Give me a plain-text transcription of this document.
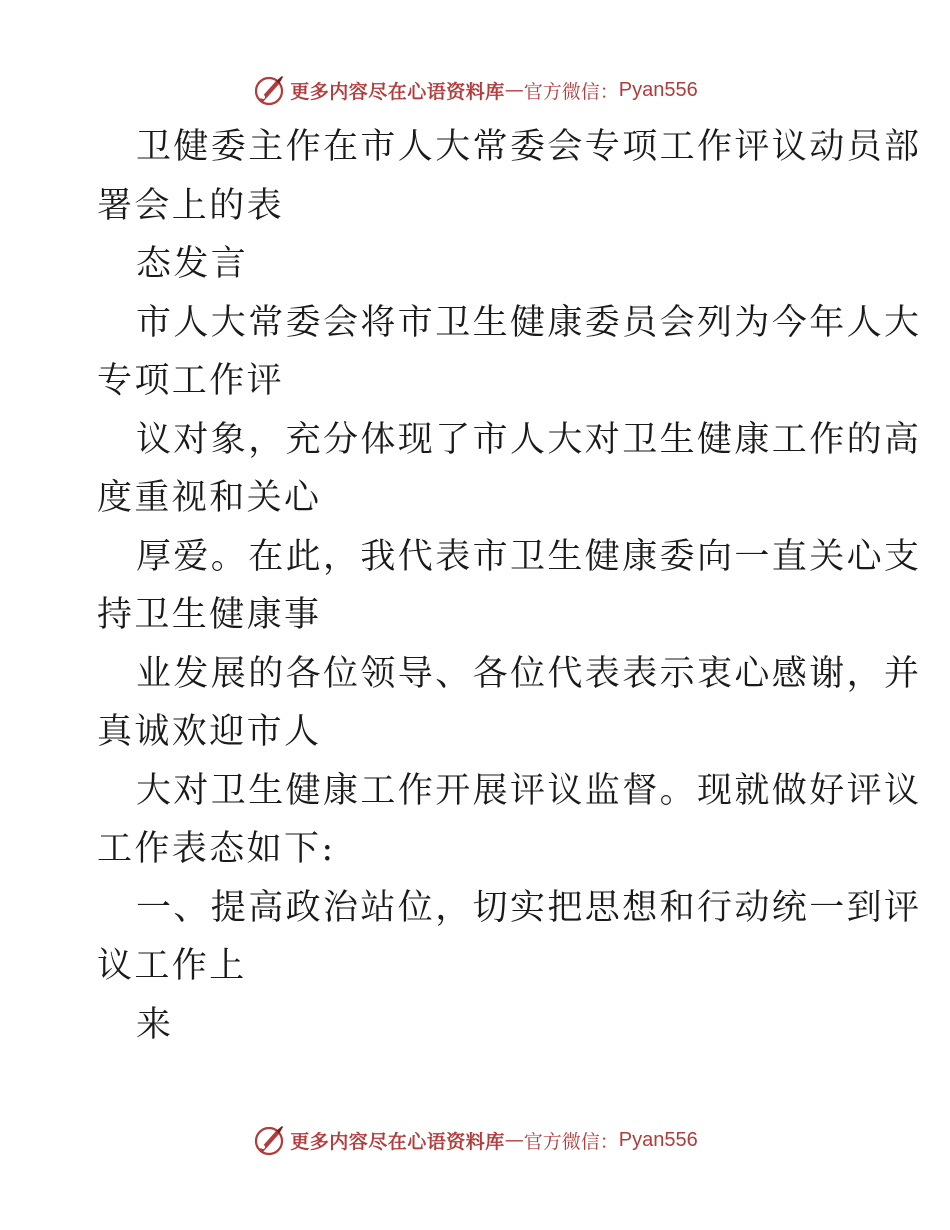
更多内容尽在心语资料库 — 官方微信： Pyan556
卫健委主作在市人大常委会专项工作评议动员部
署会上的表
态发言
市人大常委会将市卫生健康委员会列为今年人大
专项工作评
议对象，充分体现了市人大对卫生健康工作的高
度重视和关心
厚爱。在此，我代表市卫生健康委向一直关心支
持卫生健康事
业发展的各位领导、各位代表表示衷心感谢，并
真诚欢迎市人
大对卫生健康工作开展评议监督。现就做好评议
工作表态如下:
一、提高政治站位，切实把思想和行动统一到评
议工作上
来
更多内容尽在心语资料库 — 官方微信： Pyan556
